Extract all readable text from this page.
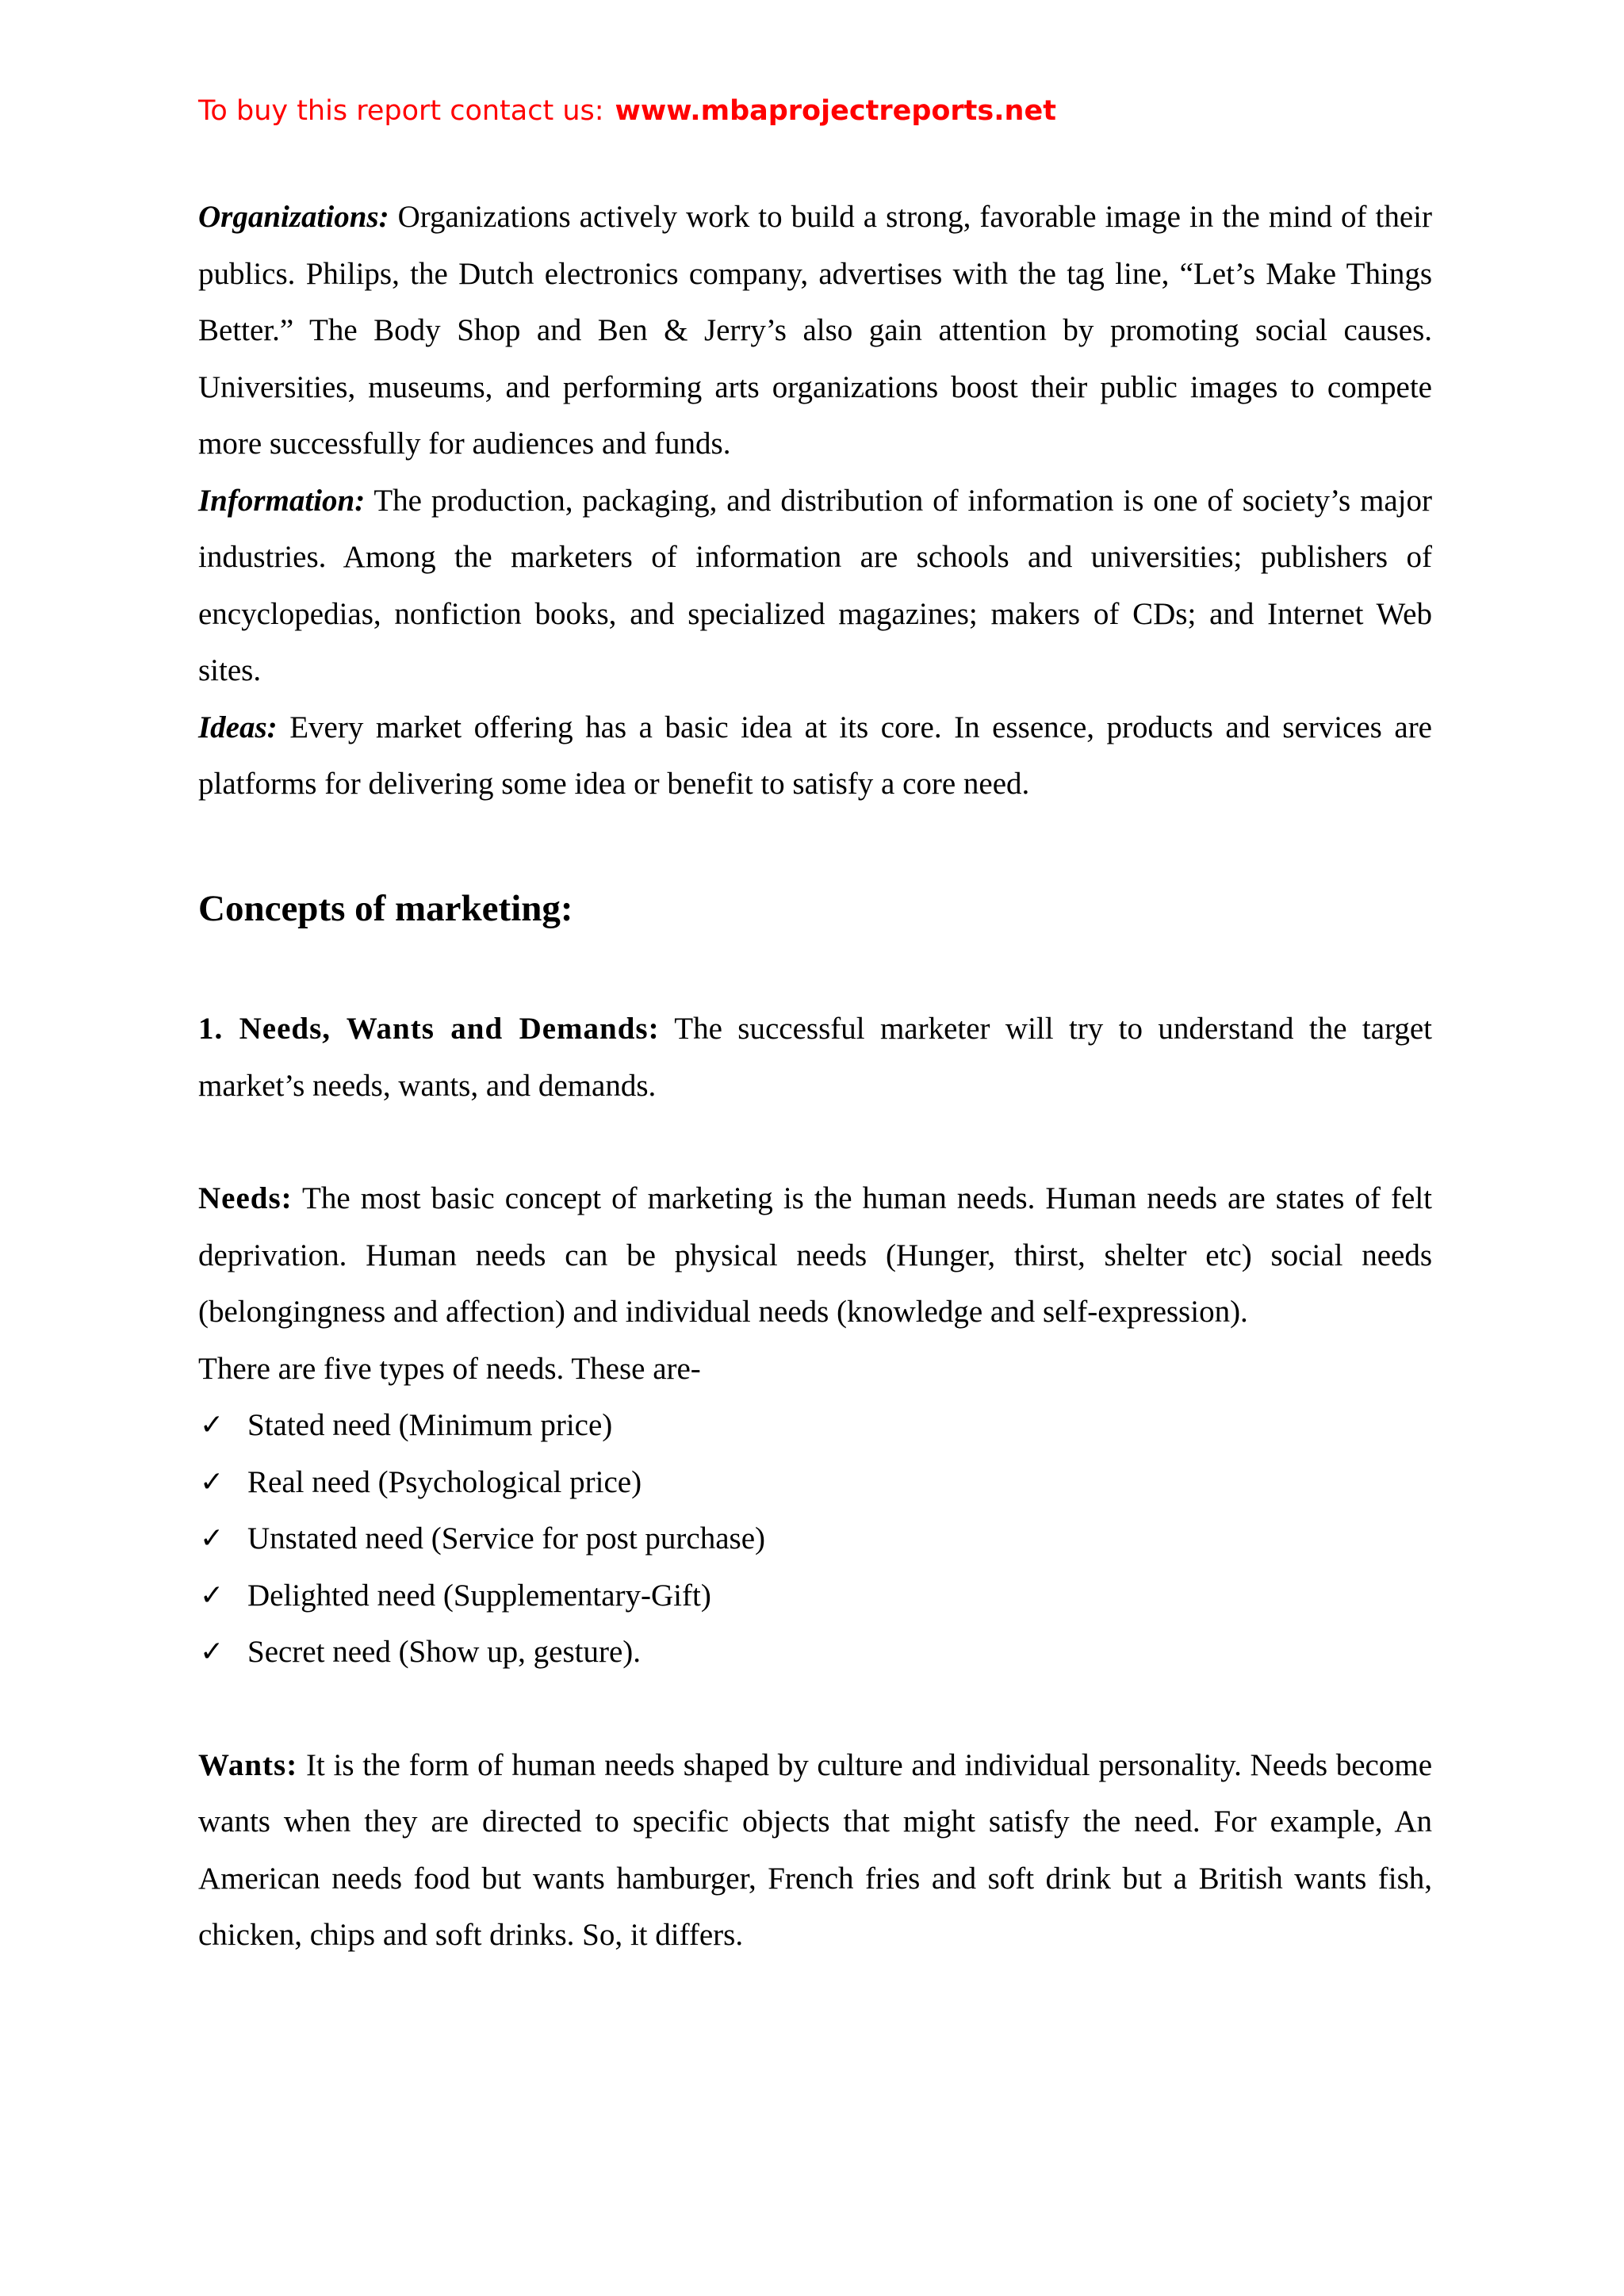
To buy this report contact us: www.mbaprojectreports.net

Organizations: Organizations actively work to build a strong, favorable image in the mind of their publics. Philips, the Dutch electronics company, advertises with the tag line, “Let’s Make Things Better.” The Body Shop and Ben & Jerry’s also gain attention by promoting social causes. Universities, museums, and performing arts organizations boost their public images to compete more successfully for audiences and funds.

Information: The production, packaging, and distribution of information is one of society’s major industries. Among the marketers of information are schools and universities; publishers of encyclopedias, nonfiction books, and specialized magazines; makers of CDs; and Internet Web sites.

Ideas: Every market offering has a basic idea at its core. In essence, products and services are platforms for delivering some idea or benefit to satisfy a core need.

Concepts of marketing:

1. Needs, Wants and Demands: The successful marketer will try to understand the target market’s needs, wants, and demands.

Needs: The most basic concept of marketing is the human needs. Human needs are states of felt deprivation. Human needs can be physical needs (Hunger, thirst, shelter etc) social needs (belongingness and affection) and individual needs (knowledge and self-expression).

There are five types of needs. These are-

✓ Stated need (Minimum price)
✓ Real need (Psychological price)
✓ Unstated need (Service for post purchase)
✓ Delighted need (Supplementary-Gift)
✓ Secret need (Show up, gesture).

Wants: It is the form of human needs shaped by culture and individual personality. Needs become wants when they are directed to specific objects that might satisfy the need. For example, An American needs food but wants hamburger, French fries and soft drink but a British wants fish, chicken, chips and soft drinks. So, it differs.
